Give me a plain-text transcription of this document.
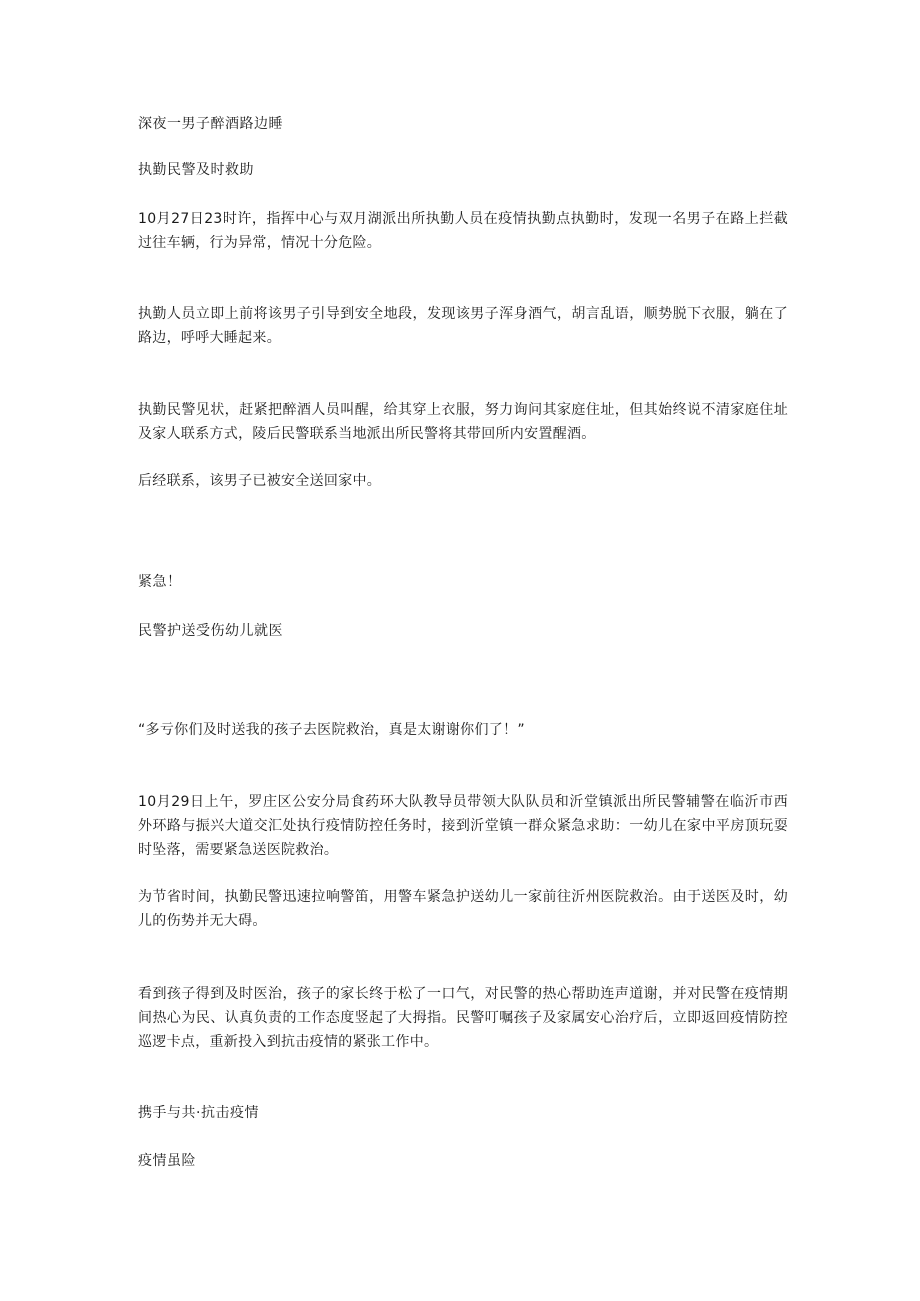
深夜一男子醉酒路边睡

执勤民警及时救助

10月27日23时许，指挥中心与双月湖派出所执勤人员在疫情执勤点执勤时，发现一名男子在路上拦截过往车辆，行为异常，情况十分危险。

执勤人员立即上前将该男子引导到安全地段，发现该男子浑身酒气，胡言乱语，顺势脱下衣服，躺在了路边，呼呼大睡起来。

执勤民警见状，赶紧把醉酒人员叫醒，给其穿上衣服，努力询问其家庭住址，但其始终说不清家庭住址及家人联系方式，陵后民警联系当地派出所民警将其带回所内安置醒酒。

后经联系，该男子已被安全送回家中。

紧急！

民警护送受伤幼儿就医

“多亏你们及时送我的孩子去医院救治，真是太谢谢你们了！”

10月29日上午，罗庄区公安分局食药环大队教导员带领大队队员和沂堂镇派出所民警辅警在临沂市西外环路与振兴大道交汇处执行疫情防控任务时，接到沂堂镇一群众紧急求助：一幼儿在家中平房顶玩耍时坠落，需要紧急送医院救治。

为节省时间，执勤民警迅速拉响警笛，用警车紧急护送幼儿一家前往沂州医院救治。由于送医及时，幼儿的伤势并无大碍。

看到孩子得到及时医治，孩子的家长终于松了一口气，对民警的热心帮助连声道谢，并对民警在疫情期间热心为民、认真负责的工作态度竖起了大拇指。民警叮嘱孩子及家属安心治疗后，立即返回疫情防控巡逻卡点，重新投入到抗击疫情的紧张工作中。

携手与共·抗击疫情

疫情虽险
